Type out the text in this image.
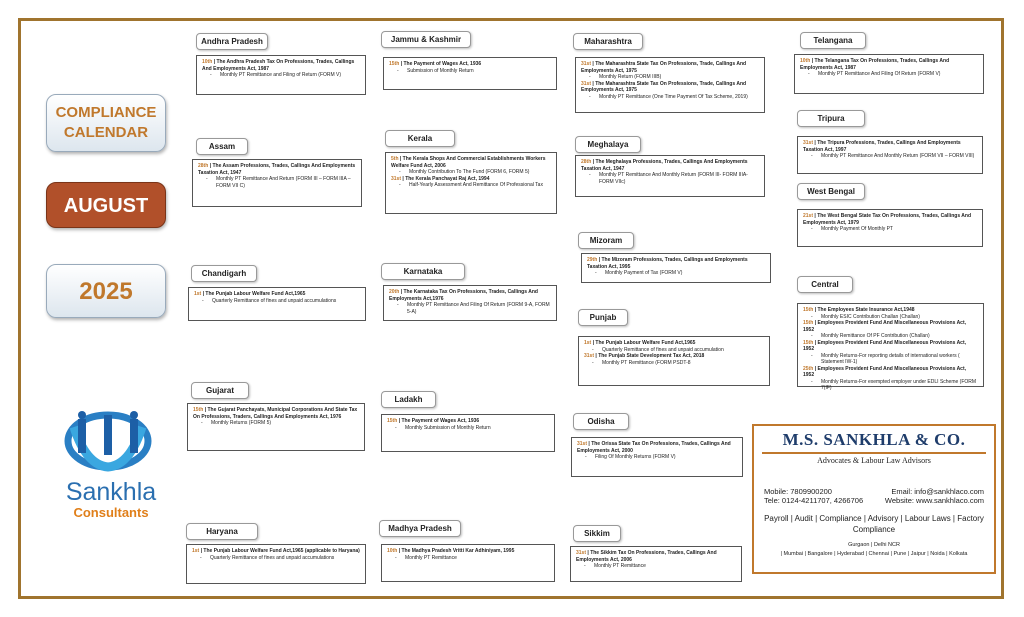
COMPLIANCE CALENDAR
AUGUST
2025
Sankhla
Consultants
Andhra Pradesh
10th | The Andhra Pradesh Tax On Professions, Trades, Callings And Employments Act, 1987
- Monthly PT Remittance and Filing of Return (FORM V)
Assam
28th | The Assam Professions, Trades, Callings And Employments Taxation Act, 1947
- Monthly PT Remittance And Return (FORM III – FORM IIIA – FORM VII C)
Chandigarh
1st | The Punjab Labour Welfare Fund Act,1965
- Quarterly Remittance of fines and unpaid accumulations
Gujarat
15th | The Gujarat Panchayats, Municipal Corporations And State Tax On Professions, Traders, Callings And Employments Act, 1976
- Monthly Returns (FORM 5)
Haryana
1st | The Punjab Labour Welfare Fund Act,1965 (applicable to Haryana)
- Quarterly Remittance of fines and unpaid accumulations
Jammu & Kashmir
15th | The Payment of Wages Act, 1936
- Submission of Monthly Return
Kerala
5th | The Kerala Shops And Commercial Establishments Workers Welfare Fund Act, 2006
- Monthly Contribution To The Fund (FORM 6, FORM 5)
31st | The Kerala Panchayat Raj Act, 1994
- Half-Yearly Assessment And Remittance Of Professional Tax
Karnataka
20th | The Karnataka Tax On Professions, Trades, Callings And Employments Act,1976
- Monthly PT Remittance And Filing Of Return (FORM 9-A, FORM 5-A)
Ladakh
15th | The Payment of Wages Act, 1936
- Monthly Submission of Monthly Return
Madhya Pradesh
10th | The Madhya Pradesh Vritti Kar Adhiniyam, 1995
- Monthly PT Remittance
Maharashtra
31st | The Maharashtra State Tax On Professions, Trade, Callings And Employments Act, 1975
- Monthly Return (FORM IIIB)
31st | The Maharashtra State Tax On Professions, Trade, Callings And Employments Act, 1975
- Monthly PT Remittance (One Time Payment Of Tax Scheme, 2019)
Meghalaya
28th | The Meghalaya Professions, Trades, Callings And Employments Taxation Act, 1947
- Monthly PT Remittance And Monthly Return (FORM III- FORM IIIA-FORM VIIc)
Mizoram
29th | The Mizoram Professions, Trades, Callings and Employments Taxation Act, 1995
- Monthly Payment of Tax (FORM V)
Punjab
1st | The Punjab Labour Welfare Fund Act,1965
- Quarterly Remittance of fines and unpaid accumulation
31st | The Punjab State Development Tax Act, 2018
- Monthly PT Remittance (FORM PSDT-8
Odisha
31st | The Orissa State Tax On Professions, Trades, Callings And Employments Act, 2000
- Filing Of Monthly Returns (FORM V)
Sikkim
31st | The Sikkim Tax On Professions, Trades, Callings And Employments Act, 2006
- Monthly PT Remittance
Telangana
10th | The Telangana Tax On Professions, Trades, Callings And Employments Act, 1987
- Monthly PT Remittance And Filing Of Return (FORM V)
Tripura
31st | The Tripura Professions, Trades, Callings And Employments Taxation Act, 1997
- Monthly PT Remittance And Monthly Return (FORM VII – FORM VIII)
West Bengal
21st | The West Bengal State Tax On Professions, Trades, Callings And Employments Act, 1979
- Monthly Payment Of Monthly PT
Central
15th | The Employees State Insurance Act,1948
- Monthly ESIC Contribution Challan (Challan)
15th | Employees Provident Fund And Miscellaneous Provisions Act, 1952
- Monthly Remittance Of PF Contribution (Challan)
15th | Employees Provident Fund And Miscellaneous Provisions Act, 1952
- Monthly Returns-For reporting details of international workers ( Statement IW-1)
25th | Employees Provident Fund And Miscellaneous Provisions Act, 1952
- Monthly Returns-For exempted employer under EDLI Scheme (FORM 7(IF)
M.S. SANKHLA & CO.
Advocates & Labour Law Advisors
Mobile: 7809900200	Email: info@sankhlaco.com
Tele: 0124-4211707, 4266706	Website: www.sankhlaco.com
Payroll | Audit | Compliance | Advisory | Labour Laws | Factory Compliance
Gurgaon | Delhi NCR
| Mumbai | Bangalore | Hyderabad | Chennai | Pune | Jaipur | Noida | Kolkata
